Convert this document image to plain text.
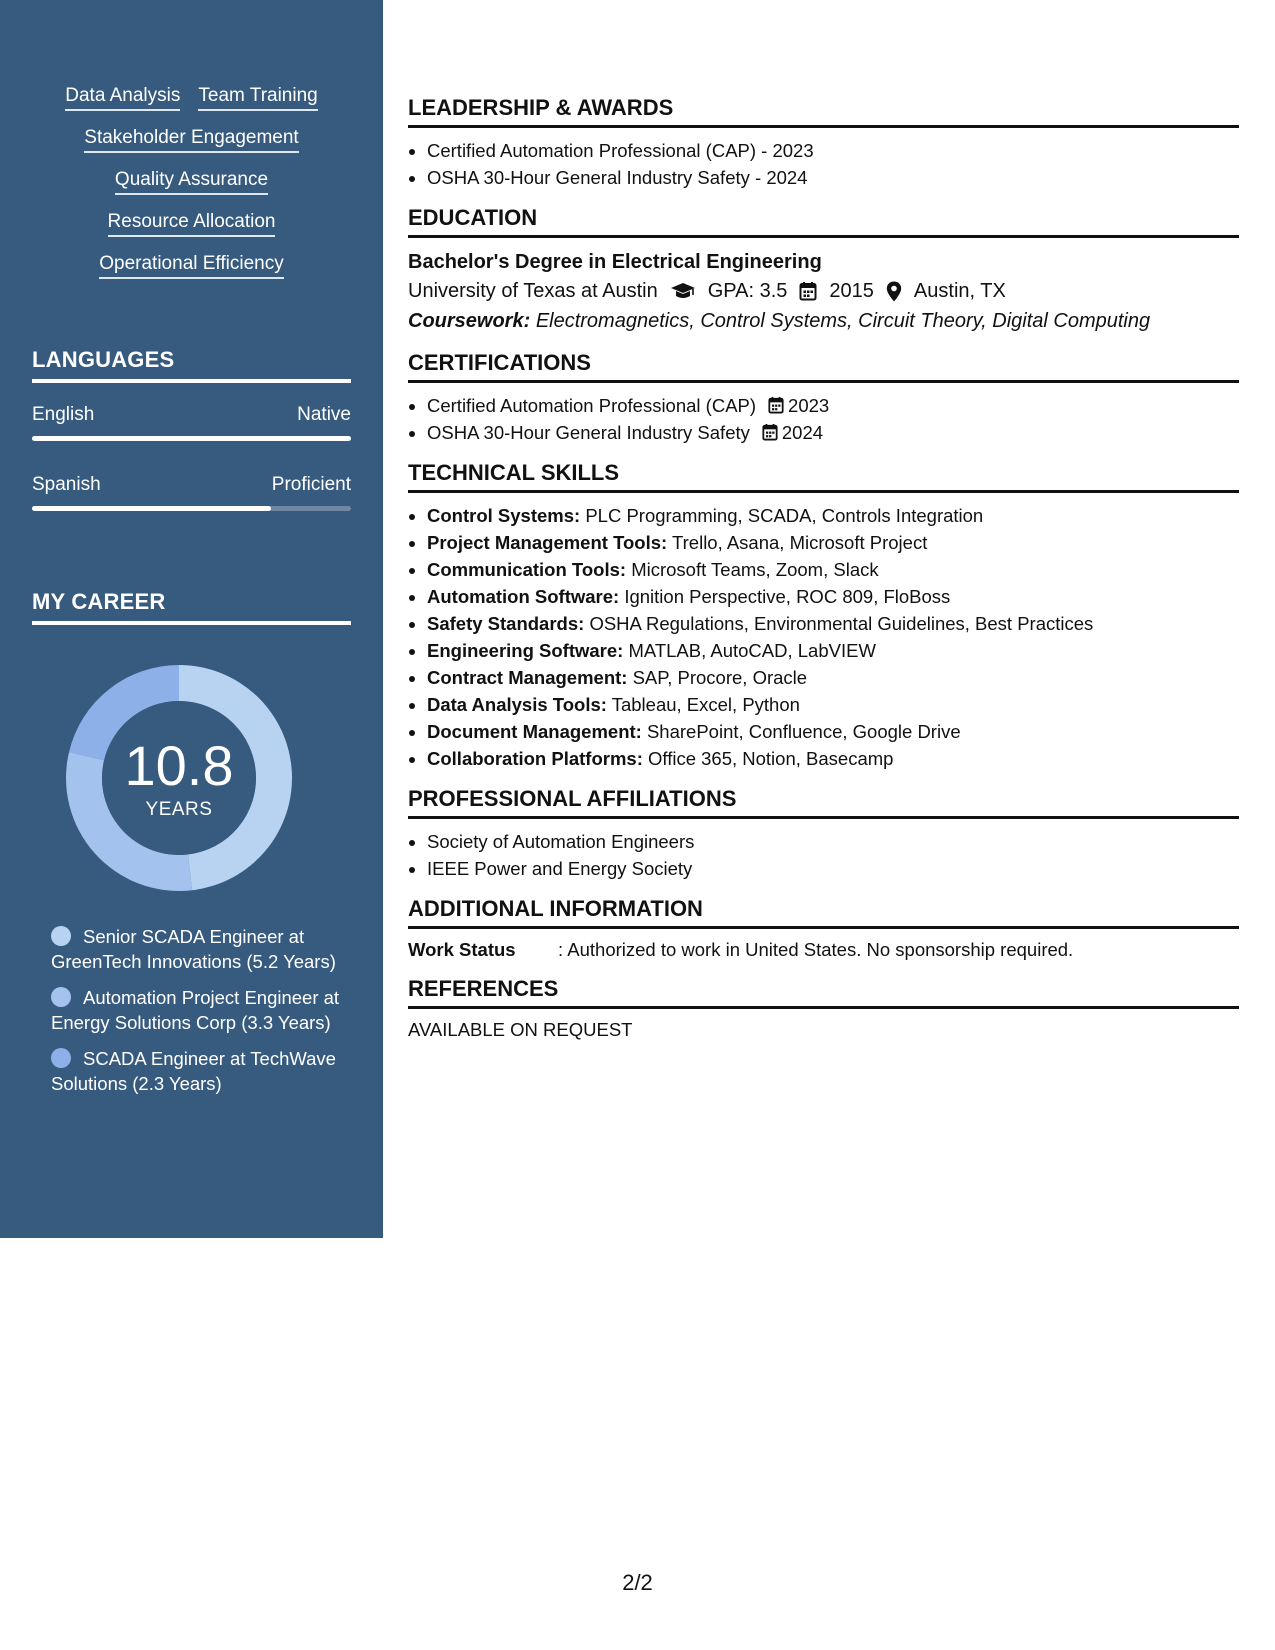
Data Analysis Team Training
Stakeholder Engagement
Quality Assurance
Resource Allocation
Operational Efficiency
LANGUAGES
English	Native
Spanish	Proficient
MY CAREER
10.8
YEARS
Senior SCADA Engineer at GreenTech Innovations (5.2 Years)
Automation Project Engineer at Energy Solutions Corp (3.3 Years)
SCADA Engineer at TechWave Solutions (2.3 Years)
LEADERSHIP & AWARDS
• Certified Automation Professional (CAP) - 2023
• OSHA 30-Hour General Industry Safety - 2024
EDUCATION
Bachelor's Degree in Electrical Engineering
University of Texas at Austin	GPA: 3.5 2015 Austin, TX
Coursework: Electromagnetics, Control Systems, Circuit Theory, Digital Computing
CERTIFICATIONS
• Certified Automation Professional (CAP) 2023
• OSHA 30-Hour General Industry Safety 2024
TECHNICAL SKILLS
• Control Systems: PLC Programming, SCADA, Controls Integration
• Project Management Tools: Trello, Asana, Microsoft Project
• Communication Tools: Microsoft Teams, Zoom, Slack
• Automation Software: Ignition Perspective, ROC 809, FloBoss
• Safety Standards: OSHA Regulations, Environmental Guidelines, Best Practices
• Engineering Software: MATLAB, AutoCAD, LabVIEW
• Contract Management: SAP, Procore, Oracle
• Data Analysis Tools: Tableau, Excel, Python
• Document Management: SharePoint, Confluence, Google Drive
• Collaboration Platforms: Office 365, Notion, Basecamp
PROFESSIONAL AFFILIATIONS
• Society of Automation Engineers
• IEEE Power and Energy Society
ADDITIONAL INFORMATION
Work Status	: Authorized to work in United States. No sponsorship required.
REFERENCES
AVAILABLE ON REQUEST
2/2
